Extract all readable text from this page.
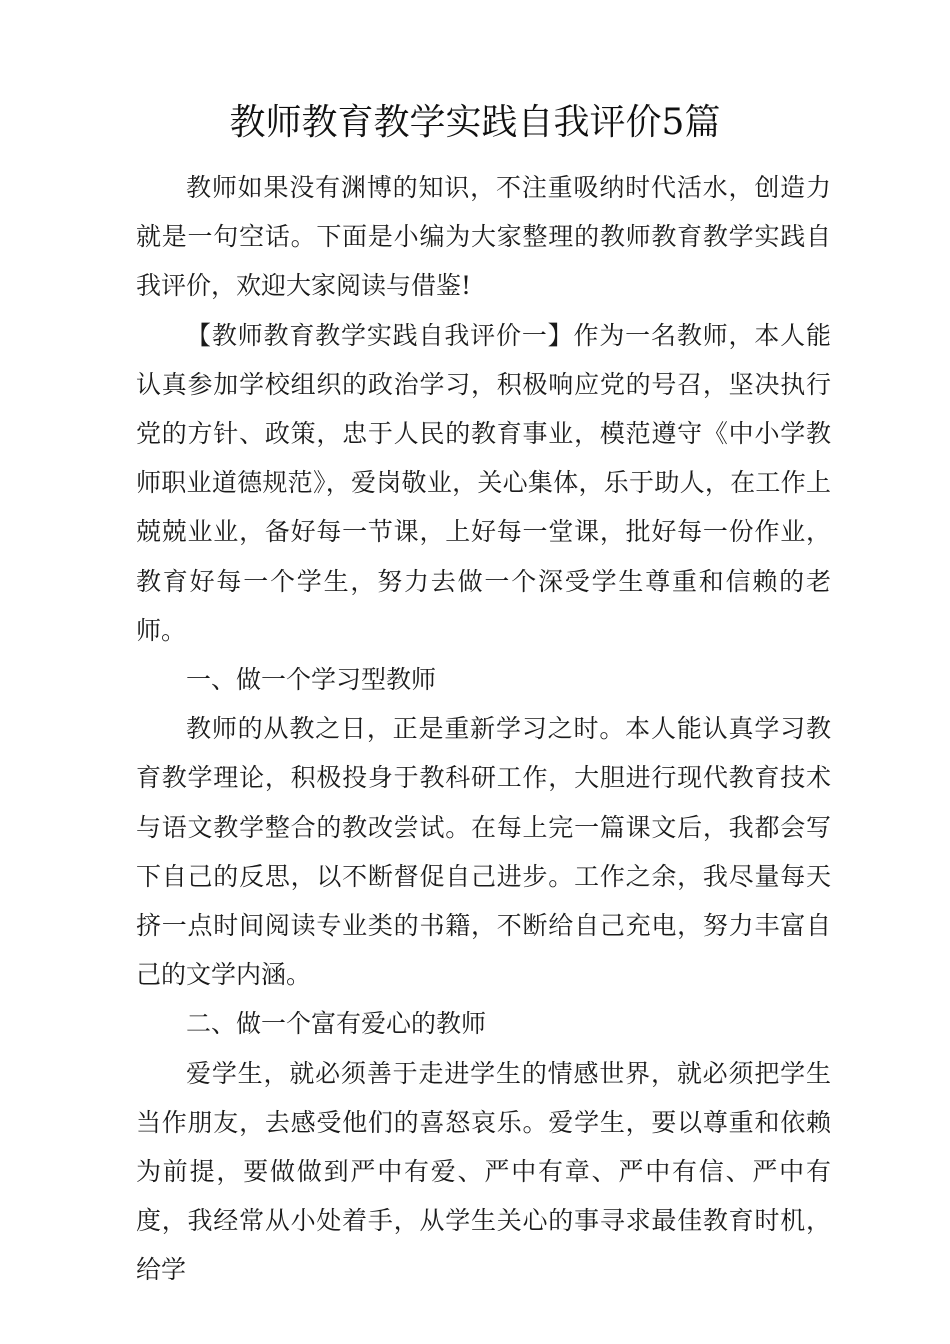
教师教育教学实践自我评价5篇

教师如果没有渊博的知识，不注重吸纳时代活水，创造力就是一句空话。下面是小编为大家整理的教师教育教学实践自我评价，欢迎大家阅读与借鉴!

【教师教育教学实践自我评价一】作为一名教师，本人能认真参加学校组织的政治学习，积极响应党的号召，坚决执行党的方针、政策，忠于人民的教育事业，模范遵守《中小学教师职业道德规范》，爱岗敬业，关心集体，乐于助人，在工作上兢兢业业，备好每一节课，上好每一堂课，批好每一份作业，教育好每一个学生，努力去做一个深受学生尊重和信赖的老师。

一、做一个学习型教师

教师的从教之日，正是重新学习之时。本人能认真学习教育教学理论，积极投身于教科研工作，大胆进行现代教育技术与语文教学整合的教改尝试。在每上完一篇课文后，我都会写下自己的反思，以不断督促自己进步。工作之余，我尽量每天挤一点时间阅读专业类的书籍，不断给自己充电，努力丰富自己的文学内涵。

二、做一个富有爱心的教师

爱学生，就必须善于走进学生的情感世界，就必须把学生当作朋友，去感受他们的喜怒哀乐。爱学生，要以尊重和依赖为前提，要做做到严中有爱、严中有章、严中有信、严中有度，我经常从小处着手，从学生关心的事寻求最佳教育时机，给学
